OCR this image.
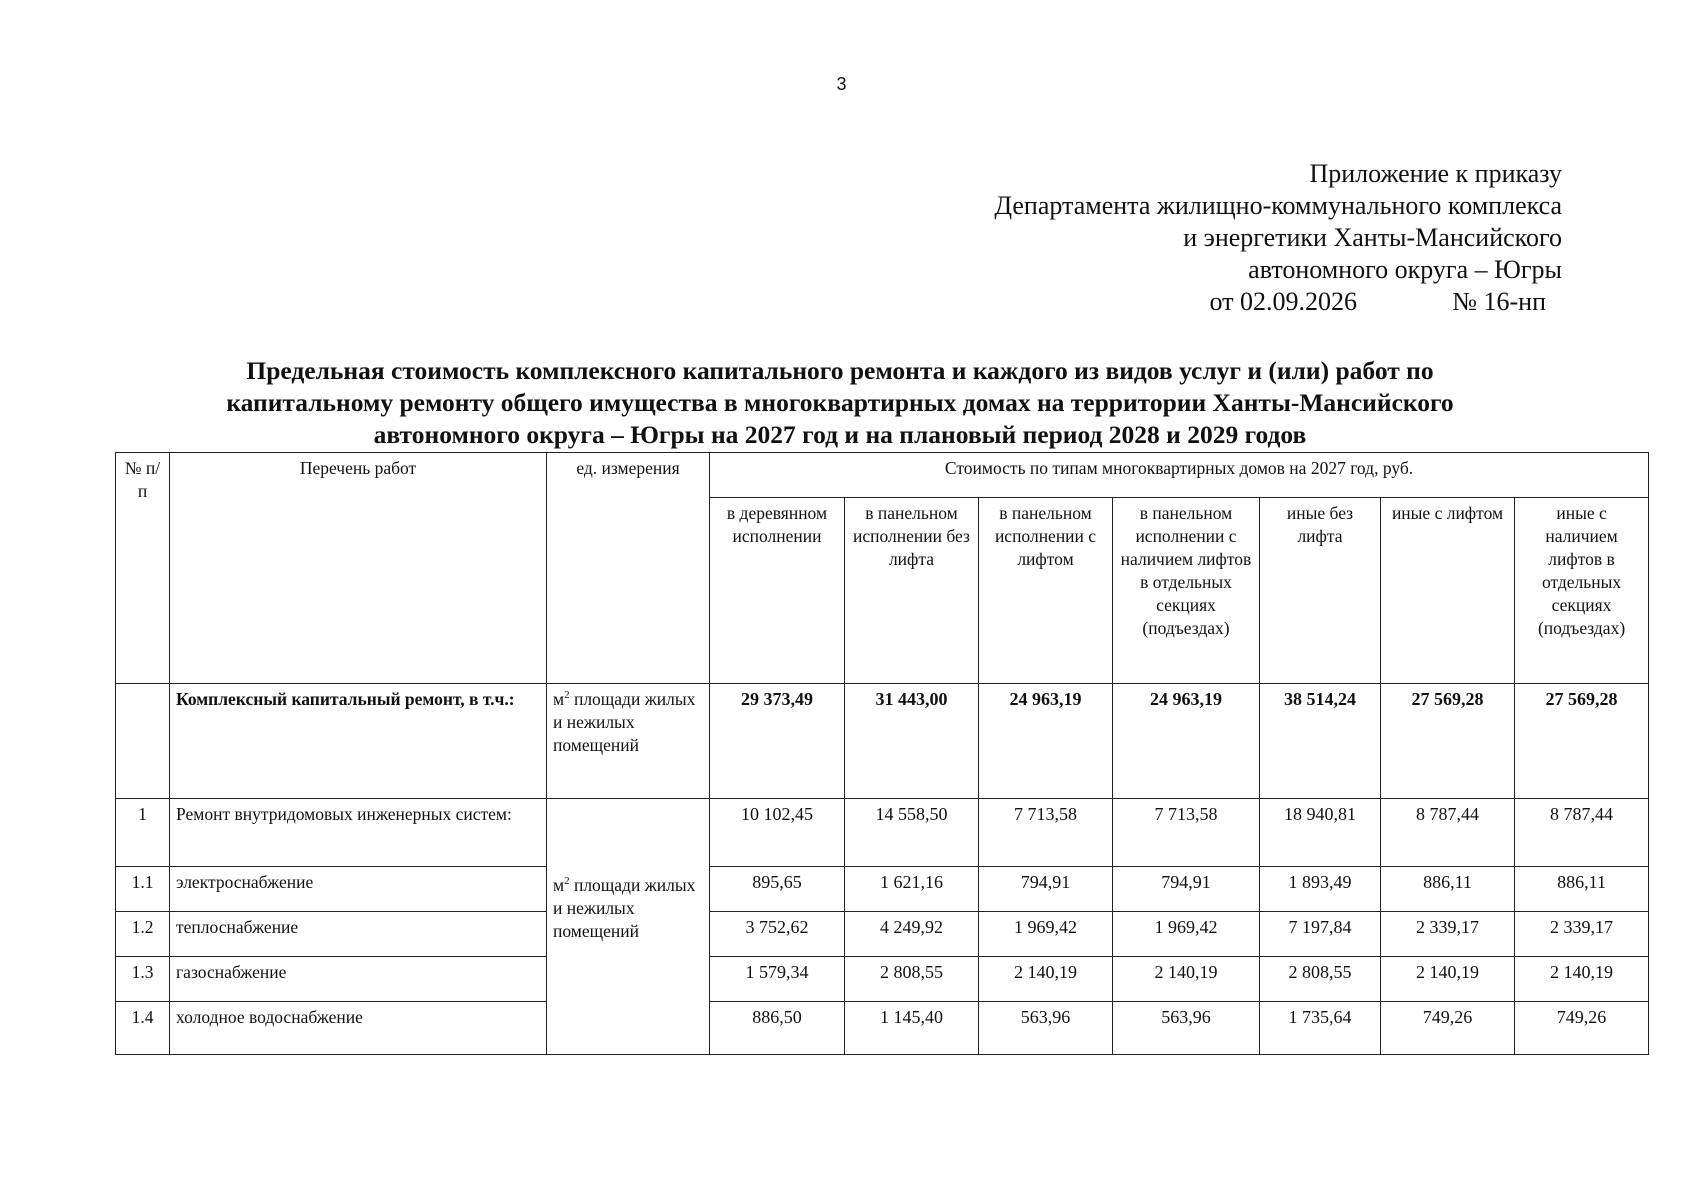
3
Приложение к приказу
Департамента жилищно-коммунального комплекса
и энергетики Ханты-Мансийского
автономного округа – Югры
от 02.09.2026	№ 16-нп
Предельная стоимость комплексного капитального ремонта и каждого из видов услуг и (или) работ по
капитальному ремонту общего имущества в многоквартирных домах на территории Ханты-Мансийского
автономного округа – Югры на 2027 год и на плановый период 2028 и 2029 годов
№ п/п	Перечень работ	ед. измерения		Стоимость по типам многоквартирных домов на 2027 год, руб.						
			в деревянном исполнении	в панельном исполнении без лифта	в панельном исполнении с лифтом	в панельном исполнении с наличием лифтов в отдельных секциях (подъездах)	иные без лифта	иные с лифтом	иные с наличием лифтов в отдельных секциях (подъездах)
	Комплексный капитальный ремонт, в т.ч.:	$м^2$ площади жилых и нежилых помещений		29 373,49	31 443,00	24 963,19	24 963,19	38 514,24	27 569,28	27 569,28
1	Ремонт внутридомовых инженерных систем:	$м^2$ площади жилых и нежилых помещений		10 102,45	14 558,50	7 713,58	7 713,58	18 940,81	8 787,44	8 787,44
1.1	электроснабжение		895,65	1 621,16	794,91	794,91	1 893,49	886,11	886,11
1.2	теплоснабжение		3 752,62	4 249,92	1 969,42	1 969,42	7 197,84	2 339,17	2 339,17
1.3	газоснабжение		1 579,34	2 808,55	2 140,19	2 140,19	2 808,55	2 140,19	2 140,19
1.4	холодное водоснабжение		886,50	1 145,40	563,96	563,96	1 735,64	749,26	749,26
